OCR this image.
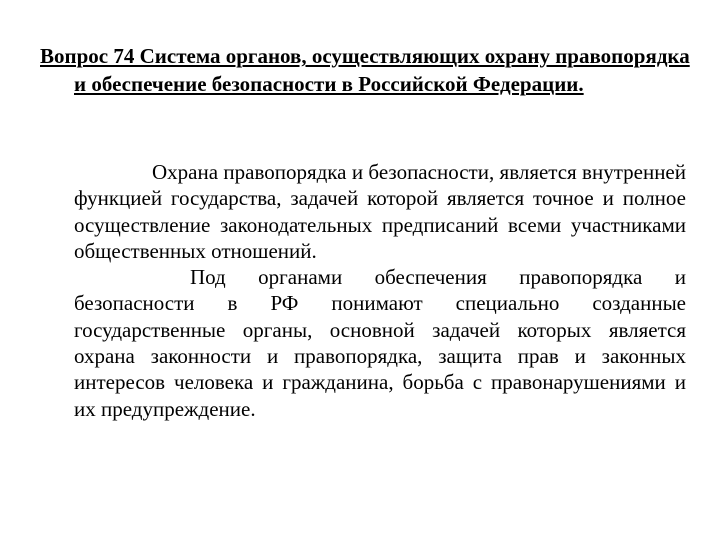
Вопрос 74 Система органов, осуществляющих охрану правопорядка и обеспечение безопасности в Российской Федерации.

Охрана правопорядка и безопасности, является внутренней функцией государства, задачей которой является точное и полное осуществление законодательных предписаний всеми участниками общественных отношений.

Под органами обеспечения правопорядка и безопасности в РФ понимают специально созданные государственные органы, основной задачей которых является охрана законности и правопорядка, защита прав и законных интересов человека и гражданина, борьба с правонарушениями и их предупреждение.
